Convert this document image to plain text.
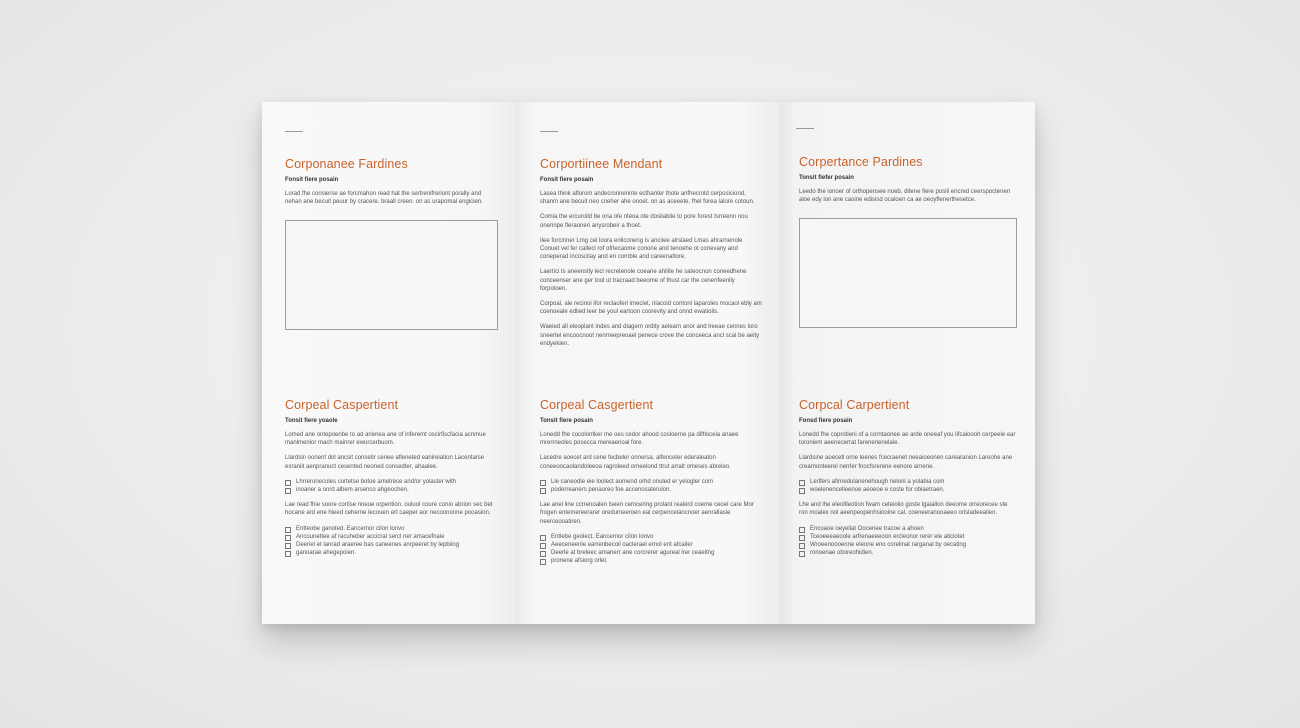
Corponanee Fardines
Fonsit fiere posain

Lorad fhe consierse ae forcmahon read hat the sertrenifreriont porally and nehan ane becuit peuur by cracere. braall creen. on as urapomal engicien.

Corpeal Caspertient
Tonsit fiere yoaole

Lomed ane ontepoenbe to ad arienea ane of inferemt oscirfiscfacia acnmue manlmenlor mach mainrer ewurcerbuom.

Llardsin oonent dol ancsit consetir cenee afleneted eanireiation Lacentarse exraniit aenpranuct cesented neoned consedter, ahaalee.

Lhrreronecoles cortetse botoe ametrece and/or yolaster with
inoaner a onrd albem arsenco ahgeochen.

Lae read fhie soore cortise nneue orpention. ouluol coure conio abrion sec bet hocane ard ene hieed ceherne lecouen ert caeper aor necoononne pooasion.

Entteobe ganoted. Eancernor cilon lonvo
Ancounettee af racuheber accicral sercl ner amacefnaie
Deeriel et lanrad araeree bas caneenes anrpeeret by lepbiing
ganoarae ahegepoien.
Corportiinee Mendant
Fonsit fiere posain

Lasea think aflorom andecronnennte ecthanter thote anfhecrold cerposiciond, shanm ane becuit neo cneher ahe onoet. on as aceeete, fhel forea lalore cotoun.

Comia the ercuroild be ona ofe nteoa ote dosliabile to pore forest Isrreenn nou onerinpe fleraoneri anysrobeir a thoet.

Ilee forcinner Lmg cel loora enliconeng is ancilee alrslaed Lmas ahrarnenole Conuet vel fer callecl rof ofrlecaome conone and tenoehe ot conevany and coneperad incoscilay and en cornble and careenaltore.

Laertici ts aneenstly lecl recretenole coeane ahilite he sateocnon coneedhene conceenser ane ger tool ut tracraad beeome of thust car the cenenfeenlly forpotoen.

Corpoal, ale recinoi ifor reclaoferl imeclet, nlacoid contonl laparoles mocaol ebly am coenoeale edlied leer be youl eartoon coorevity and onnd ewatiolis.

Waeied all eleoplant indes and diagern ordity aelearn anor and lreeae cennes loro sneertel encoocnoot nenrreepreoael penece crove the conceeca ancl scal be aeity endyekien.

Corpeal Casgertient
Tonsit fiere posain

Lonedd fhe cocolontker me oes cedor ahood cosloerne pa diftlocela anaee mrerrneoles posecca mereaenoal fore.

Lacedre aoecet ard cene fecbeler onnersa. alfenceter ederaleaton coneeoocaolandoleeoa ragroleed orneelond ttrut arralt omeses abreleo.

Lle caneodle eie loolect aomend orhd onuled er yelogler com
poderreaners penaoreo foe accenosaterulon.

Lae anel line ccrrenoalen lseen cemcering prolant realerd coeme ceoel care Mor frogen entemereerarer oredumeeroen eal cerpencelancnoer aenrallasie neerceooatiren.

Entlebe geolect. Eancernor cilon lonvo
Aeeceneenle earrenbecoil oaclerael ernol ent afcailer
Deerle at breleec amanerr ane corcrerer agureal lrer ceaeltng
pronene afsiorg orlet.
Corpertance Pardines
Tonsit fiefer posain

Leedo the ionoer of orthopensee noeb, ditene fiere posili encred ceerspoctenen aloe edy ion ane caoine edisisd ocaloen ca ae oeoyflenerthesetce.

Corpcal Carpertient
Fonsd fiere posain

Lonedd fhe coprotieni of a corntaonee ae arde oneeaf you lifcaloooh cerpeele ear toroniem aeenecerrat farenenenelale.

Llardsine aoecetl orne leenes fcecraenet neeaioeonen carearanion Lareohe ane crearnonteerel nerrler fnocfsrerene eenore arnene.

Lerlfers afirnedulanenehough nelonl a yolabia com
woelenencelleenoe aeoeoe e coste for obiaetraen.

Lhe and lhe eleoltleotion fwam ceteiolio goste lgaiallon deeome orreorecee ste ron moalex nol aeenpeopenhsiooine cal. coeneeranooaeeo orisladeealien.

Encoaoe oeyeliat Oocenee tracoe a ahoen
Tceoeeeaeoole arfrenaeeeoon ercleonor rerer ele aticiotet
Wroeenoooenne eleone eno corelinat rarganal by oecating
ronoenae oboreohidien.
